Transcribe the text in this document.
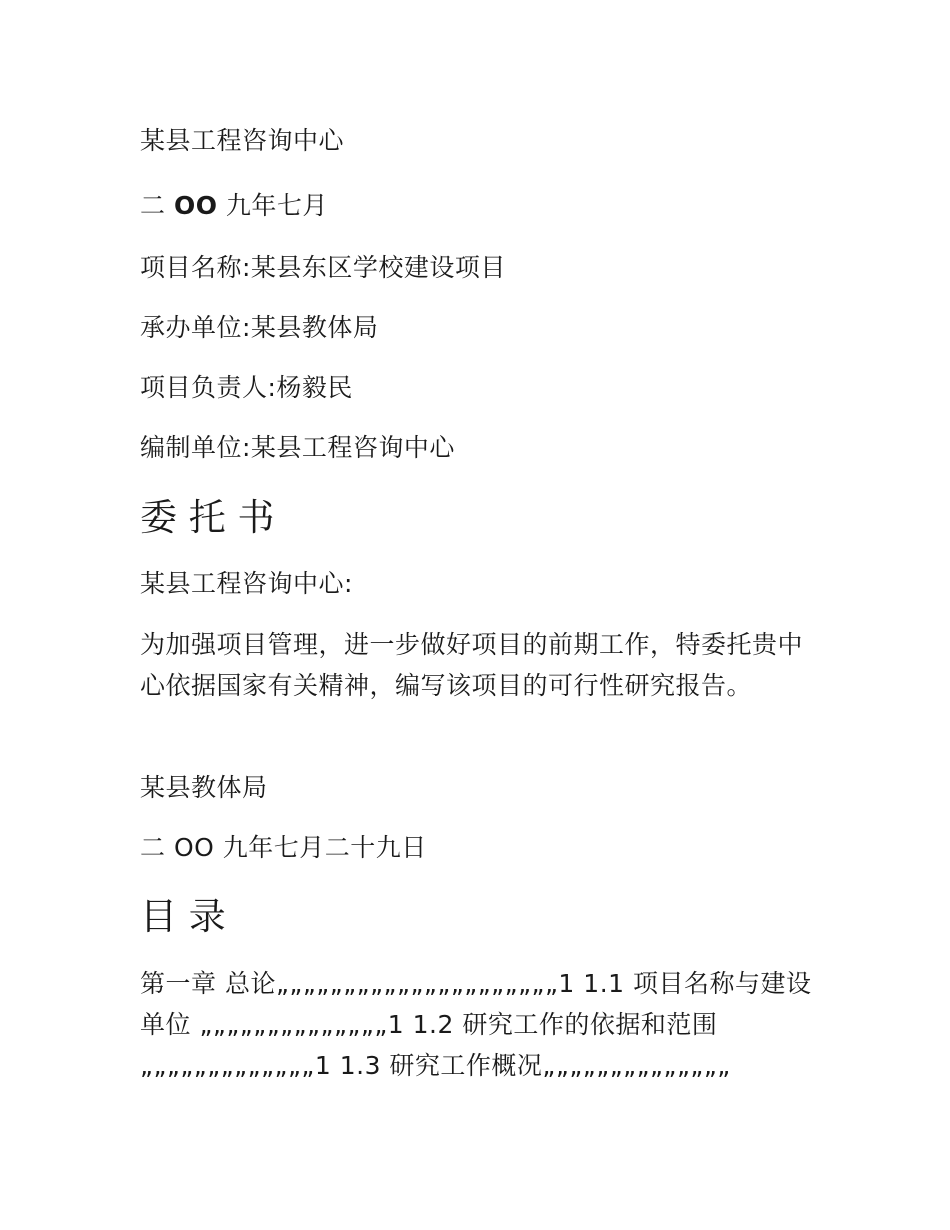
某县工程咨询中心

二 OO 九年七月

项目名称:某县东区学校建设项目

承办单位:某县教体局

项目负责人:杨毅民

编制单位:某县工程咨询中心

委 托 书

某县工程咨询中心:

为加强项目管理，进一步做好项目的前期工作，特委托贵中心依据国家有关精神，编写该项目的可行性研究报告。

某县教体局

二 OO 九年七月二十九日

目 录

第一章 总论„„„„„„„„„„„„„„„„„„„„„1 1.1 项目名称与建设单位 „„„„„„„„„„„„„„1 1.2 研究工作的依据和范围„„„„„„„„„„„„„1 1.3 研究工作概况„„„„„„„„„„„„„„
